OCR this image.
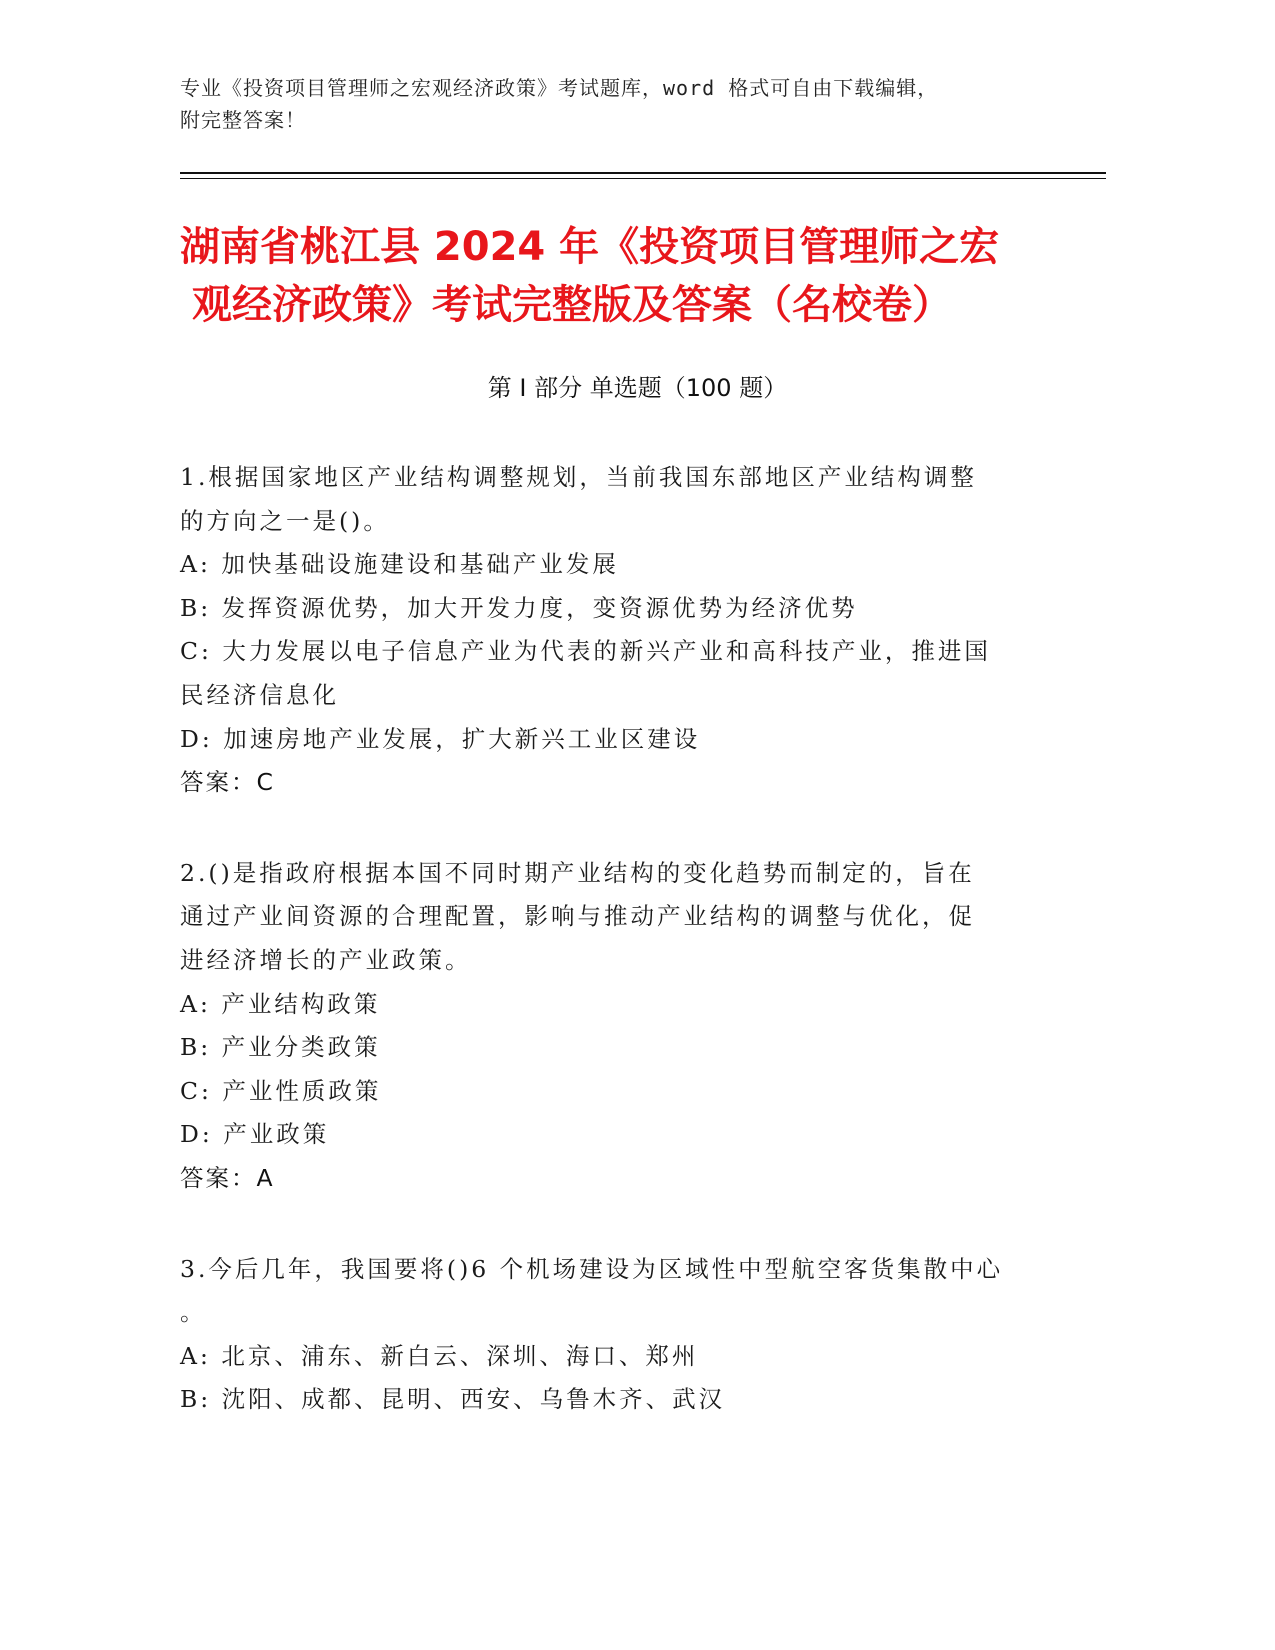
专业《投资项目管理师之宏观经济政策》考试题库，word 格式可自由下载编辑，
附完整答案！
湖南省桃江县 2024 年《投资项目管理师之宏
观经济政策》考试完整版及答案（名校卷）
第 I 部分 单选题（100 题）
1.根据国家地区产业结构调整规划，当前我国东部地区产业结构调整
的方向之一是()。
A: 加快基础设施建设和基础产业发展
B: 发挥资源优势，加大开发力度，变资源优势为经济优势
C: 大力发展以电子信息产业为代表的新兴产业和高科技产业，推进国
民经济信息化
D: 加速房地产业发展，扩大新兴工业区建设
答案：C
2.()是指政府根据本国不同时期产业结构的变化趋势而制定的，旨在
通过产业间资源的合理配置，影响与推动产业结构的调整与优化，促
进经济增长的产业政策。
A: 产业结构政策
B: 产业分类政策
C: 产业性质政策
D: 产业政策
答案：A
3.今后几年，我国要将()6 个机场建设为区域性中型航空客货集散中心
。
A: 北京、浦东、新白云、深圳、海口、郑州
B: 沈阳、成都、昆明、西安、乌鲁木齐、武汉
